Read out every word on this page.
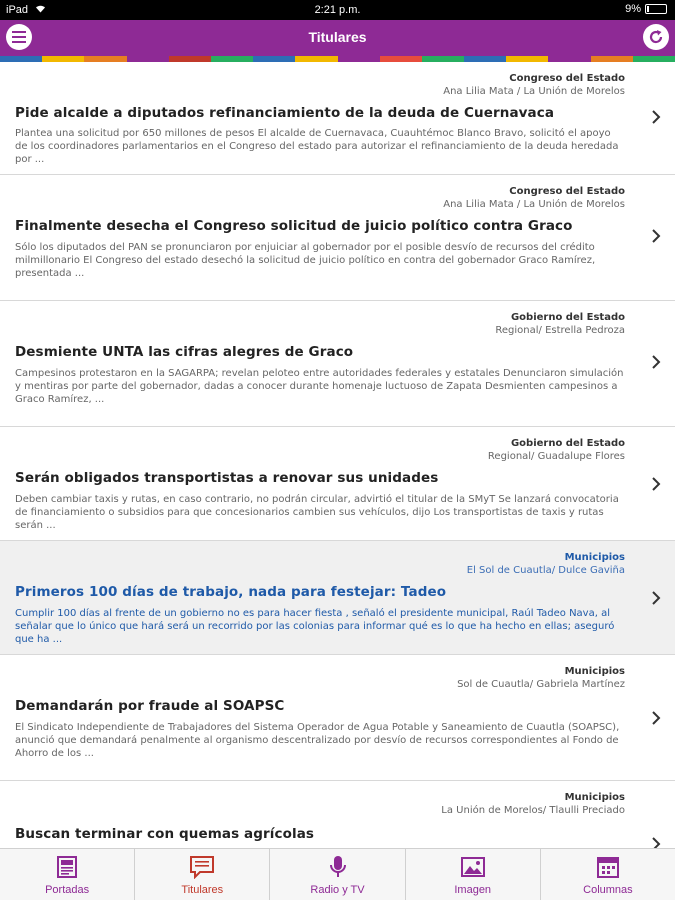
iPad	2:21 p.m.	9%
Titulares
Congreso del Estado
Ana Lilia Mata / La Unión de Morelos
Pide alcalde a diputados refinanciamiento de la deuda de Cuernavaca
Plantea una solicitud por 650 millones de pesos El alcalde de Cuernavaca, Cuauhtémoc Blanco Bravo, solicitó el apoyo de los coordinadores parlamentarios en el Congreso del estado para autorizar el refinanciamiento de la deuda heredada por ...
Congreso del Estado
Ana Lilia Mata / La Unión de Morelos
Finalmente desecha el Congreso solicitud de juicio político contra Graco
Sólo los diputados del PAN se pronunciaron por enjuiciar al gobernador por el posible desvío de recursos del crédito milmillonario El Congreso del estado desechó la solicitud de juicio político en contra del gobernador Graco Ramírez, presentada ...
Gobierno del Estado
Regional/ Estrella Pedroza
Desmiente UNTA las cifras alegres de Graco
Campesinos protestaron en la SAGARPA; revelan peloteo entre autoridades federales y estatales Denunciaron simulación y mentiras por parte del gobernador, dadas a conocer durante homenaje luctuoso de Zapata Desmienten campesinos a Graco Ramírez, ...
Gobierno del Estado
Regional/ Guadalupe Flores
Serán obligados transportistas a renovar sus unidades
Deben cambiar taxis y rutas, en caso contrario, no podrán circular, advirtió el titular de la SMyT Se lanzará convocatoria de financiamiento o subsidios para que concesionarios cambien sus vehículos, dijo Los transportistas de taxis y rutas serán ...
Municipios
El Sol de Cuautla/ Dulce Gaviña
Primeros 100 días de trabajo, nada para festejar: Tadeo
Cumplir 100 días al frente de un gobierno no es para hacer fiesta , señaló el presidente municipal, Raúl Tadeo Nava, al señalar que lo único que hará será un recorrido por las colonias para informar qué es lo que ha hecho en ellas; aseguró que ha ...
Municipios
Sol de Cuautla/ Gabriela Martínez
Demandarán por fraude al SOAPSC
El Sindicato Independiente de Trabajadores del Sistema Operador de Agua Potable y Saneamiento de Cuautla (SOAPSC), anunció que demandará penalmente al organismo descentralizado por desvío de recursos correspondientes al Fondo de Ahorro de los ...
Municipios
La Unión de Morelos/ Tlaulli Preciado
Buscan terminar con quemas agrícolas
Portadas	Titulares	Radio y TV	Imagen	Columnas
